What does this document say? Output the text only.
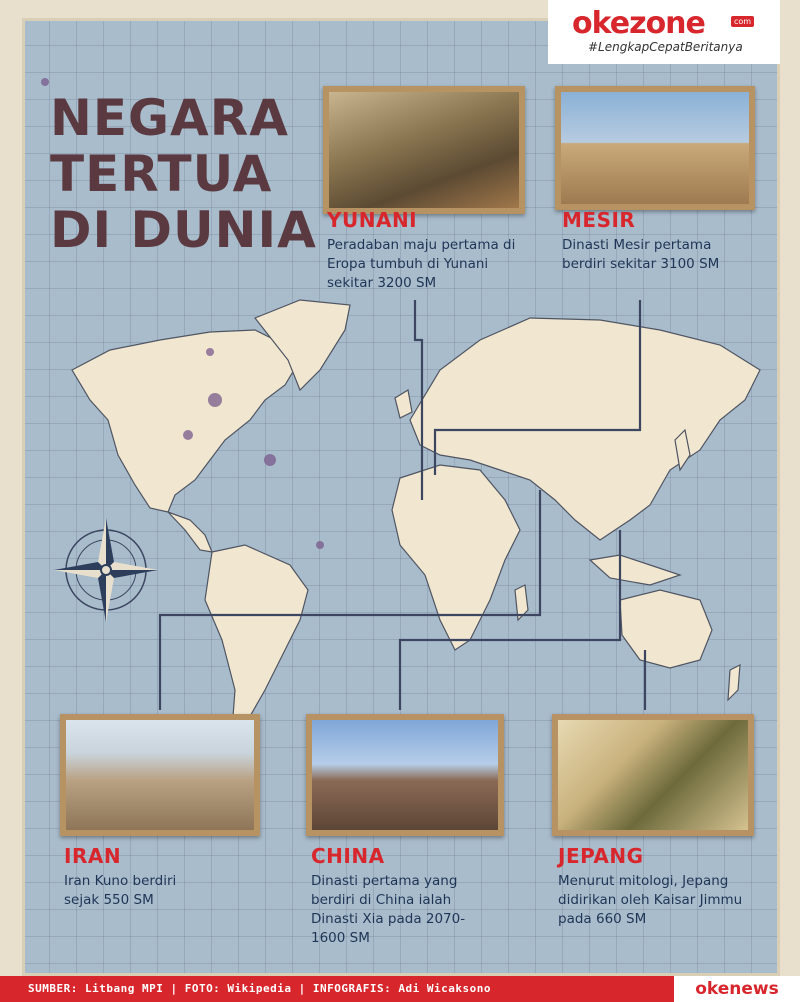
okezone	com
#LengkapCepatBeritanya
NEGARA
TERTUA
DI DUNIA YUNANI
Peradaban maju pertama di Eropa tumbuh di Yunani sekitar 3200 SM
MESIR
Dinasti Mesir pertama berdiri sekitar 3100 SM
IRAN
Iran Kuno berdiri sejak 550 SM
CHINA
Dinasti pertama yang berdiri di China ialah Dinasti Xia pada 2070-1600 SM
JEPANG
Menurut mitologi, Jepang didirikan oleh Kaisar Jimmu pada 660 SM
SUMBER: Litbang MPI | FOTO: Wikipedia | INFOGRAFIS: Adi Wicaksono	okenews
